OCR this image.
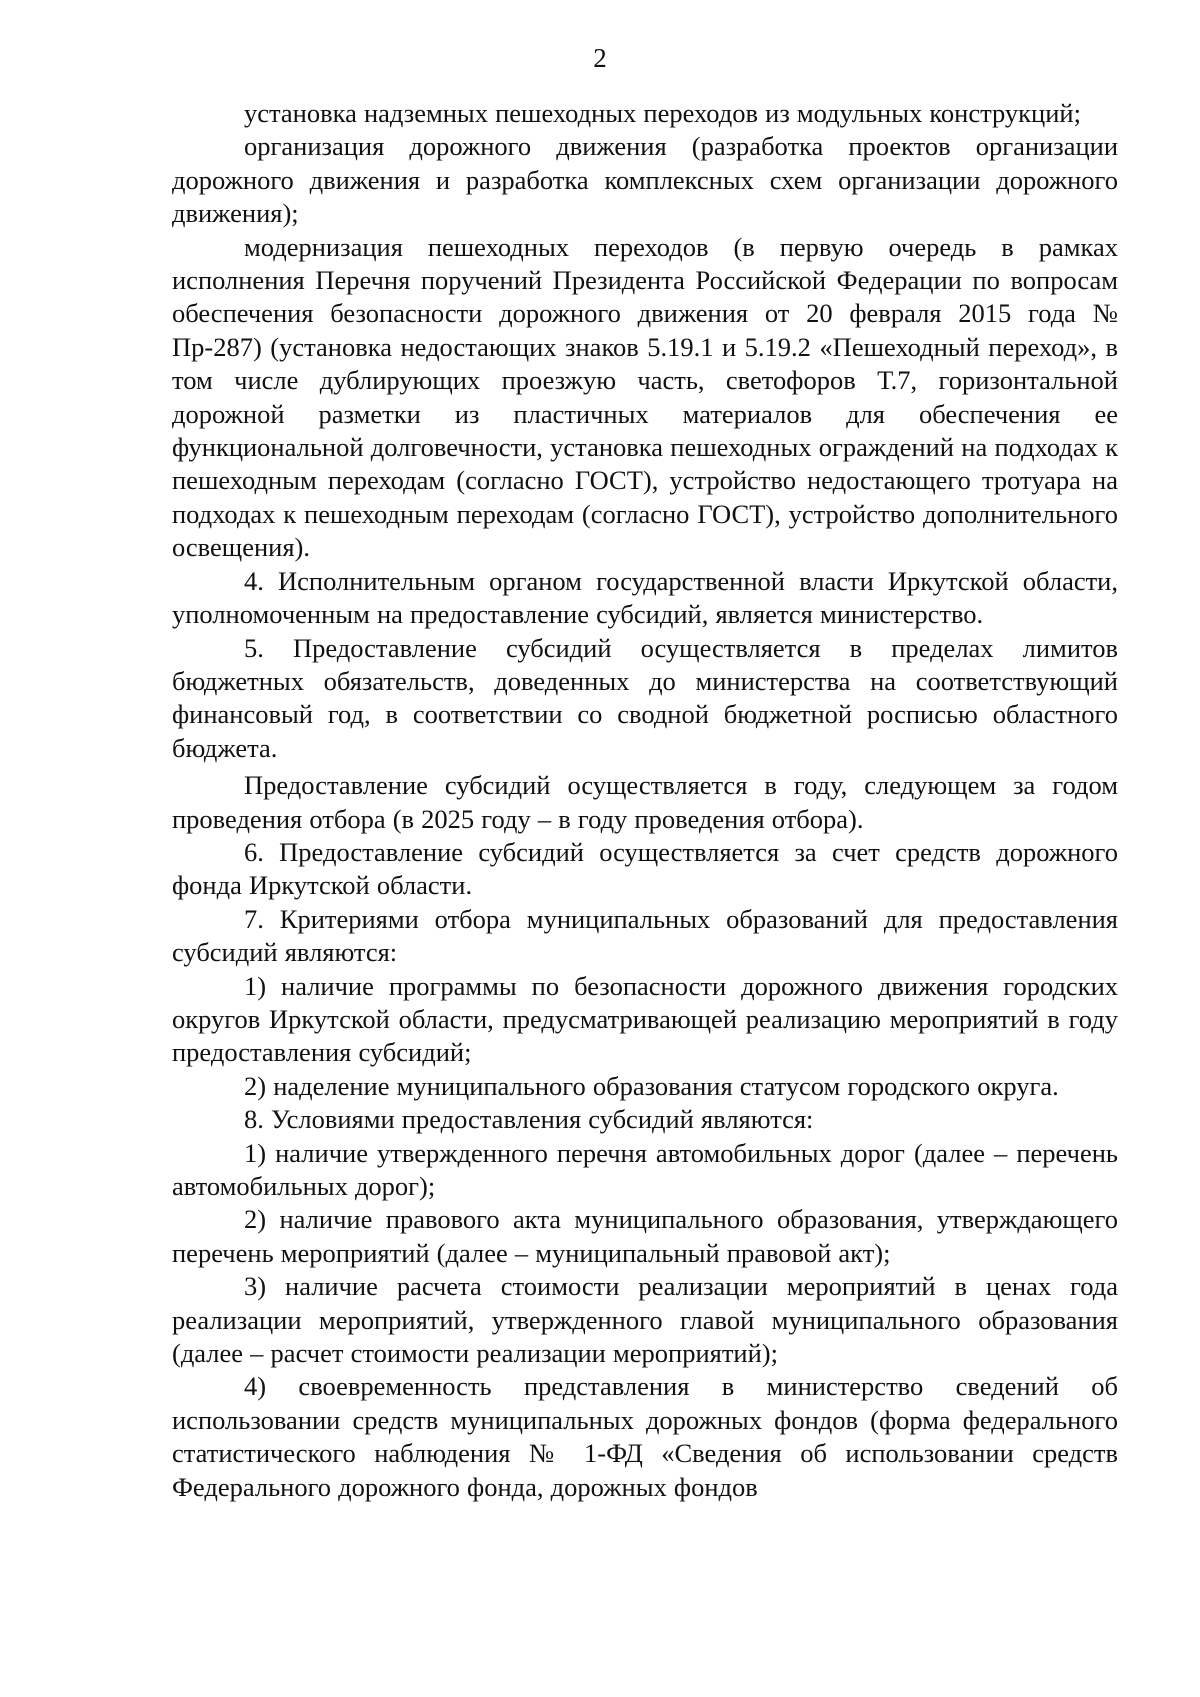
2

установка надземных пешеходных переходов из модульных конструкций;

организация дорожного движения (разработка проектов организации дорожного движения и разработка комплексных схем организации дорожного движения);

модернизация пешеходных переходов (в первую очередь в рамках исполнения Перечня поручений Президента Российской Федерации по вопросам обеспечения безопасности дорожного движения от 20 февраля 2015 года № Пр-287) (установка недостающих знаков 5.19.1 и 5.19.2 «Пешеходный переход», в том числе дублирующих проезжую часть, светофоров Т.7, горизонтальной дорожной разметки из пластичных материалов для обеспечения ее функциональной долговечности, установка пешеходных ограждений на подходах к пешеходным переходам (согласно ГОСТ), устройство недостающего тротуара на подходах к пешеходным переходам (согласно ГОСТ), устройство дополнительного освещения).

4. Исполнительным органом государственной власти Иркутской области, уполномоченным на предоставление субсидий, является министерство.

5. Предоставление субсидий осуществляется в пределах лимитов бюджетных обязательств, доведенных до министерства на соответствующий финансовый год, в соответствии со сводной бюджетной росписью областного бюджета.

Предоставление субсидий осуществляется в году, следующем за годом проведения отбора (в 2025 году – в году проведения отбора).

6. Предоставление субсидий осуществляется за счет средств дорожного фонда Иркутской области.

7. Критериями отбора муниципальных образований для предоставления субсидий являются:

1) наличие программы по безопасности дорожного движения городских округов Иркутской области, предусматривающей реализацию мероприятий в году предоставления субсидий;

2) наделение муниципального образования статусом городского округа.

8. Условиями предоставления субсидий являются:

1) наличие утвержденного перечня автомобильных дорог (далее – перечень автомобильных дорог);

2) наличие правового акта муниципального образования, утверждающего перечень мероприятий (далее – муниципальный правовой акт);

3) наличие расчета стоимости реализации мероприятий в ценах года реализации мероприятий, утвержденного главой муниципального образования (далее – расчет стоимости реализации мероприятий);

4) своевременность представления в министерство сведений об использовании средств муниципальных дорожных фондов (форма федерального статистического наблюдения № 1-ФД «Сведения об использовании средств Федерального дорожного фонда, дорожных фондов
